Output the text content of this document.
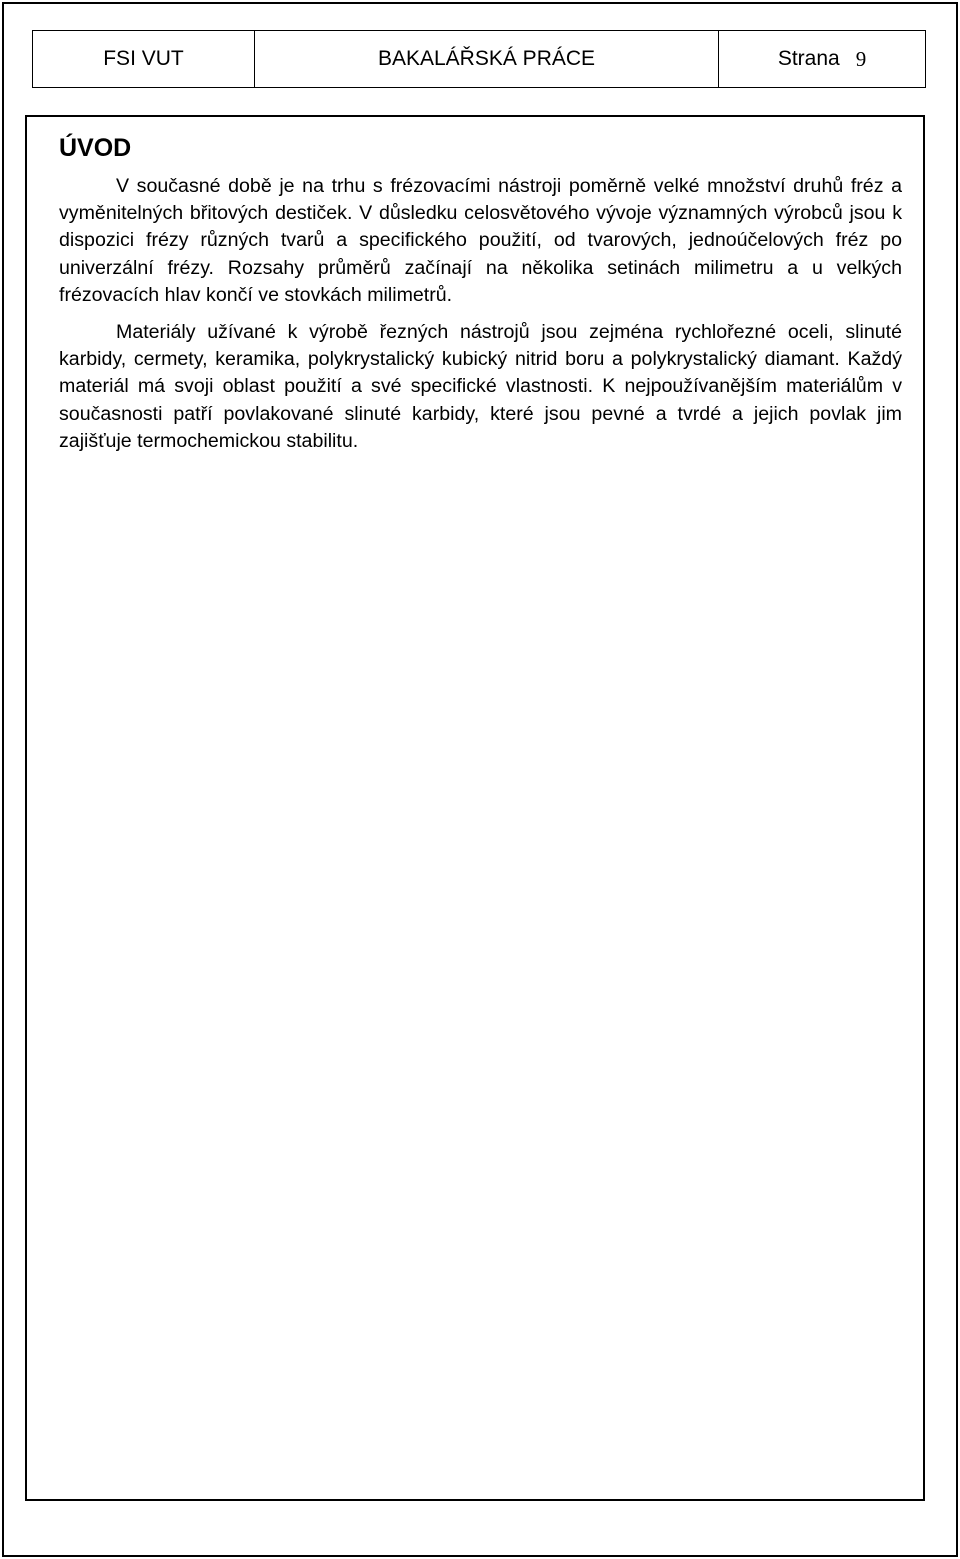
FSI VUT	BAKALÁŘSKÁ PRÁCE	Strana 9
ÚVOD

V současné době je na trhu s frézovacími nástroji poměrně velké množství druhů fréz a vyměnitelných břitových destiček. V důsledku celosvětového vývoje významných výrobců jsou k dispozici frézy různých tvarů a specifického použití, od tvarových, jednoúčelových fréz po univerzální frézy. Rozsahy průměrů začínají na několika setinách milimetru a u velkých frézovacích hlav končí ve stovkách milimetrů.

Materiály užívané k výrobě řezných nástrojů jsou zejména rychlořezné oceli, slinuté karbidy, cermety, keramika, polykrystalický kubický nitrid boru a polykrystalický diamant. Každý materiál má svoji oblast použití a své specifické vlastnosti. K nejpoužívanějším materiálům v současnosti patří povlakované slinuté karbidy, které jsou pevné a tvrdé a jejich povlak jim zajišťuje termochemickou stabilitu.
